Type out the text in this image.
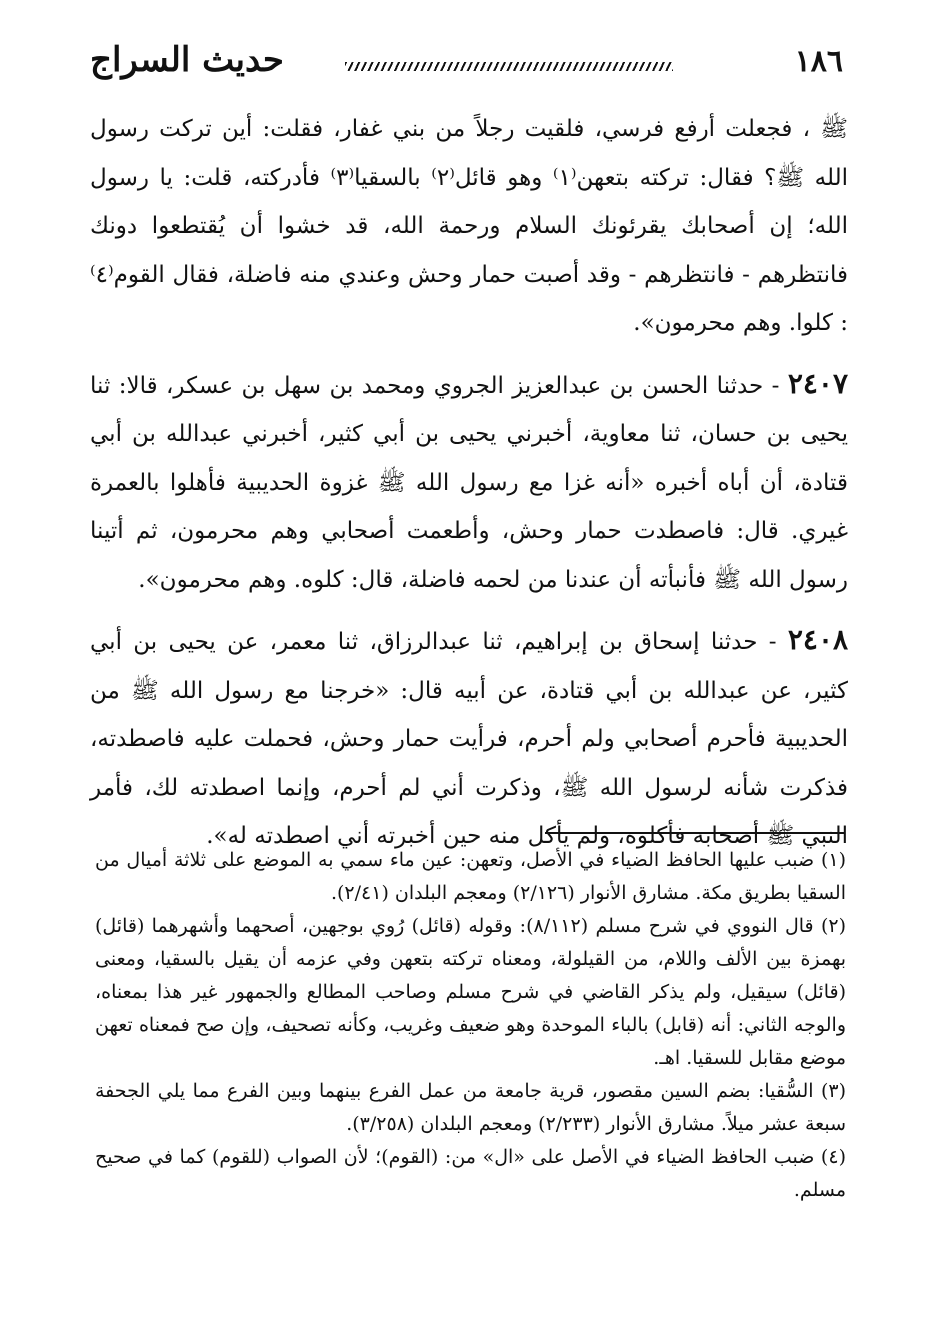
١٨٦
حديث السراج

ﷺ ، فجعلت أرفع فرسي، فلقيت رجلاً من بني غفار، فقلت: أين تركت رسول الله ﷺ؟ فقال: تركته بتعهن⁽١⁾ وهو قائل⁽٢⁾ بالسقيا⁽٣⁾ فأدركته، قلت: يا رسول الله؛ إن أصحابك يقرئونك السلام ورحمة الله، قد خشوا أن يُقتطعوا دونك فانتظرهم - فانتظرهم - وقد أصبت حمار وحش وعندي منه فاضلة، فقال القوم⁽٤⁾ : كلوا. وهم محرمون».

٢٤٠٧ - حدثنا الحسن بن عبدالعزيز الجروي ومحمد بن سهل بن عسكر، قالا: ثنا يحيى بن حسان، ثنا معاوية، أخبرني يحيى بن أبي كثير، أخبرني عبدالله بن أبي قتادة، أن أباه أخبره «أنه غزا مع رسول الله ﷺ غزوة الحديبية فأهلوا بالعمرة غيري. قال: فاصطدت حمار وحش، وأطعمت أصحابي وهم محرمون، ثم أتينا رسول الله ﷺ فأنبأته أن عندنا من لحمه فاضلة، قال: كلوه. وهم محرمون».

٢٤٠٨ - حدثنا إسحاق بن إبراهيم، ثنا عبدالرزاق، ثنا معمر، عن يحيى بن أبي كثير، عن عبدالله بن أبي قتادة، عن أبيه قال: «خرجنا مع رسول الله ﷺ من الحديبية فأحرم أصحابي ولم أحرم، فرأيت حمار وحش، فحملت عليه فاصطدته، فذكرت شأنه لرسول الله ﷺ، وذكرت أني لم أحرم، وإنما اصطدته لك، فأمر النبي ﷺ أصحابه فأكلوه، ولم يأكل منه حين أخبرته أني اصطدته له».

(١) ضبب عليها الحافظ الضياء في الأصل، وتعهن: عين ماء سمي به الموضع على ثلاثة أميال من السقيا بطريق مكة. مشارق الأنوار (٢/١٢٦) ومعجم البلدان (٢/٤١).

(٢) قال النووي في شرح مسلم (٨/١١٢): وقوله (قائل) رُوي بوجهين، أصحهما وأشهرهما (قائل) بهمزة بين الألف واللام، من القيلولة، ومعناه تركته بتعهن وفي عزمه أن يقيل بالسقيا، ومعنى (قائل) سيقيل، ولم يذكر القاضي في شرح مسلم وصاحب المطالع والجمهور غير هذا بمعناه، والوجه الثاني: أنه (قابل) بالباء الموحدة وهو ضعيف وغريب، وكأنه تصحيف، وإن صح فمعناه تعهن موضع مقابل للسقيا. اهـ.

(٣) السُّقيا: بضم السين مقصور، قرية جامعة من عمل الفرع بينهما وبين الفرع مما يلي الجحفة سبعة عشر ميلاً. مشارق الأنوار (٢/٢٣٣) ومعجم البلدان (٣/٢٥٨).

(٤) ضبب الحافظ الضياء في الأصل على «ال» من: (القوم)؛ لأن الصواب (للقوم) كما في صحيح مسلم.
